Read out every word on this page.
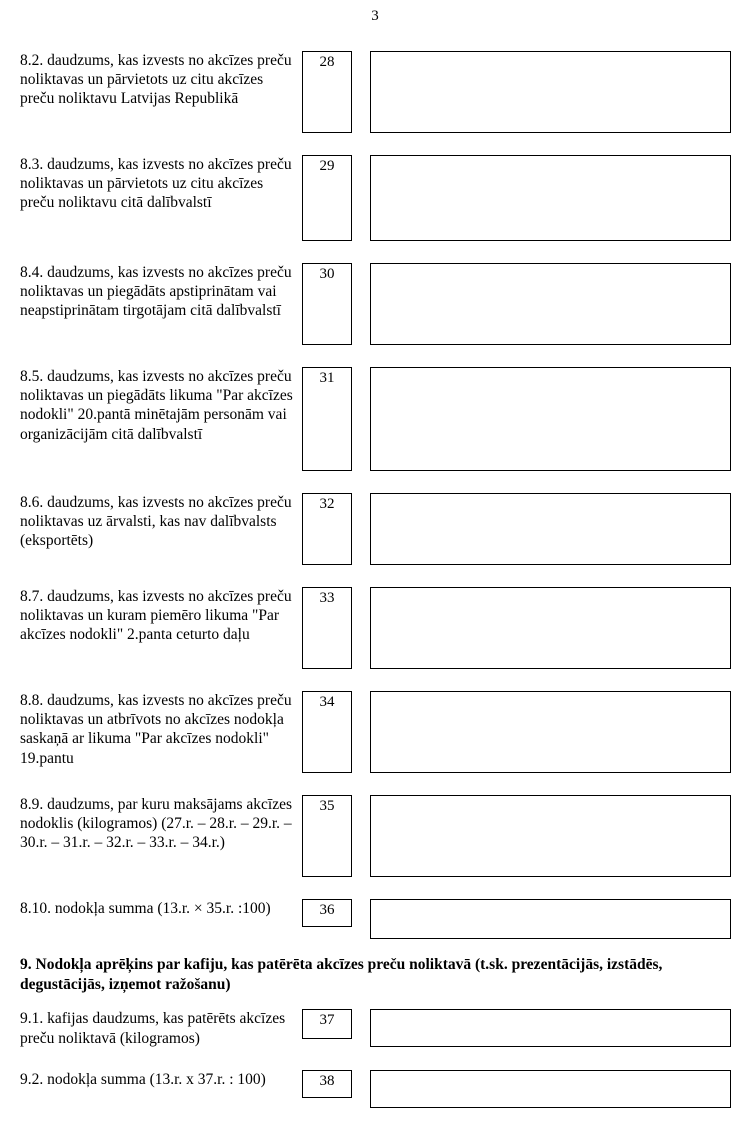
3
8.2. daudzums, kas izvests no akcīzes preču noliktavas un pārvietots uz citu akcīzes preču noliktavu Latvijas Republikā
28
8.3. daudzums, kas izvests no akcīzes preču noliktavas un pārvietots uz citu akcīzes preču noliktavu citā dalībvalstī
29
8.4. daudzums, kas izvests no akcīzes preču noliktavas un piegādāts apstiprinātam vai neapstiprinātam tirgotājam citā dalībvalstī
30
8.5. daudzums, kas izvests no akcīzes preču noliktavas un piegādāts likuma "Par akcīzes nodokli" 20.pantā minētajām personām vai organizācijām citā dalībvalstī
31
8.6. daudzums, kas izvests no akcīzes preču noliktavas uz ārvalsti, kas nav dalībvalsts (eksportēts)
32
8.7. daudzums, kas izvests no akcīzes preču noliktavas un kuram piemēro likuma "Par akcīzes nodokli" 2.panta ceturto daļu
33
8.8. daudzums, kas izvests no akcīzes preču noliktavas un atbrīvots no akcīzes nodokļa saskaņā ar likuma "Par akcīzes nodokli" 19.pantu
34
8.9. daudzums, par kuru maksājams akcīzes nodoklis (kilogramos) (27.r. – 28.r. – 29.r. – 30.r. – 31.r. – 32.r. – 33.r. – 34.r.)
35
8.10. nodokļa summa (13.r. × 35.r. :100)	36
9. Nodokļa aprēķins par kafiju, kas patērēta akcīzes preču noliktavā (t.sk. prezentācijās, izstādēs, degustācijās, izņemot ražošanu)
9.1. kafijas daudzums, kas patērēts akcīzes preču noliktavā (kilogramos)
37
9.2. nodokļa summa (13.r. x 37.r. : 100)	38
